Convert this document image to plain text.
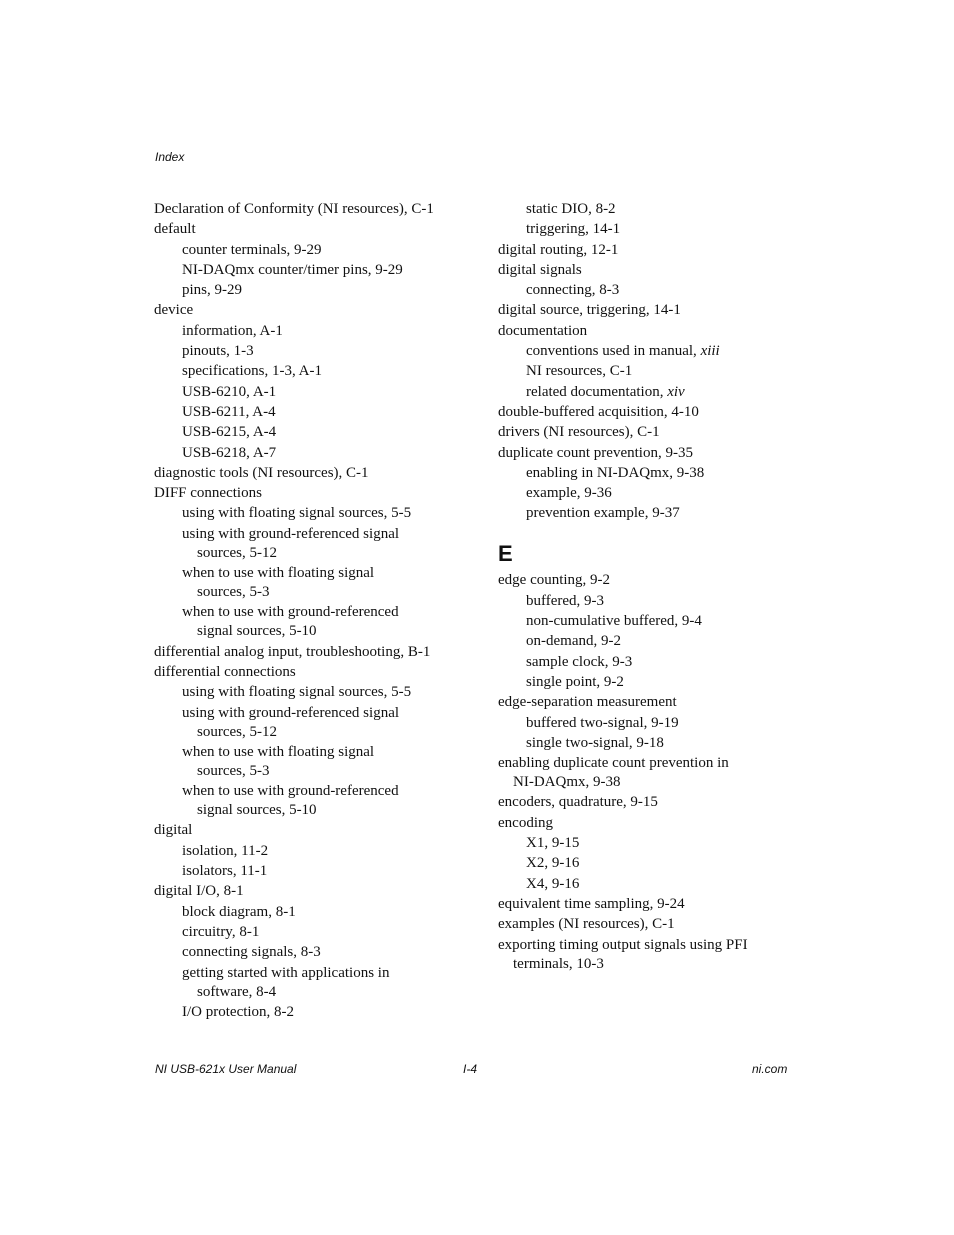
Index
Declaration of Conformity (NI resources), C-1
default
counter terminals, 9-29
NI-DAQmx counter/timer pins, 9-29
pins, 9-29
device
information, A-1
pinouts, 1-3
specifications, 1-3, A-1
USB-6210, A-1
USB-6211, A-4
USB-6215, A-4
USB-6218, A-7
diagnostic tools (NI resources), C-1
DIFF connections
using with floating signal sources, 5-5
using with ground-referenced signal
sources, 5-12
when to use with floating signal
sources, 5-3
when to use with ground-referenced
signal sources, 5-10
differential analog input, troubleshooting, B-1
differential connections
using with floating signal sources, 5-5
using with ground-referenced signal
sources, 5-12
when to use with floating signal
sources, 5-3
when to use with ground-referenced
signal sources, 5-10
digital
isolation, 11-2
isolators, 11-1
digital I/O, 8-1
block diagram, 8-1
circuitry, 8-1
connecting signals, 8-3
getting started with applications in
software, 8-4
I/O protection, 8-2
static DIO, 8-2
triggering, 14-1
digital routing, 12-1
digital signals
connecting, 8-3
digital source, triggering, 14-1
documentation
conventions used in manual, xiii
NI resources, C-1
related documentation, xiv
double-buffered acquisition, 4-10
drivers (NI resources), C-1
duplicate count prevention, 9-35
enabling in NI-DAQmx, 9-38
example, 9-36
prevention example, 9-37
E
edge counting, 9-2
buffered, 9-3
non-cumulative buffered, 9-4
on-demand, 9-2
sample clock, 9-3
single point, 9-2
edge-separation measurement
buffered two-signal, 9-19
single two-signal, 9-18
enabling duplicate count prevention in
NI-DAQmx, 9-38
encoders, quadrature, 9-15
encoding
X1, 9-15
X2, 9-16
X4, 9-16
equivalent time sampling, 9-24
examples (NI resources), C-1
exporting timing output signals using PFI
terminals, 10-3
NI USB-621x User Manual	I-4	ni.com
